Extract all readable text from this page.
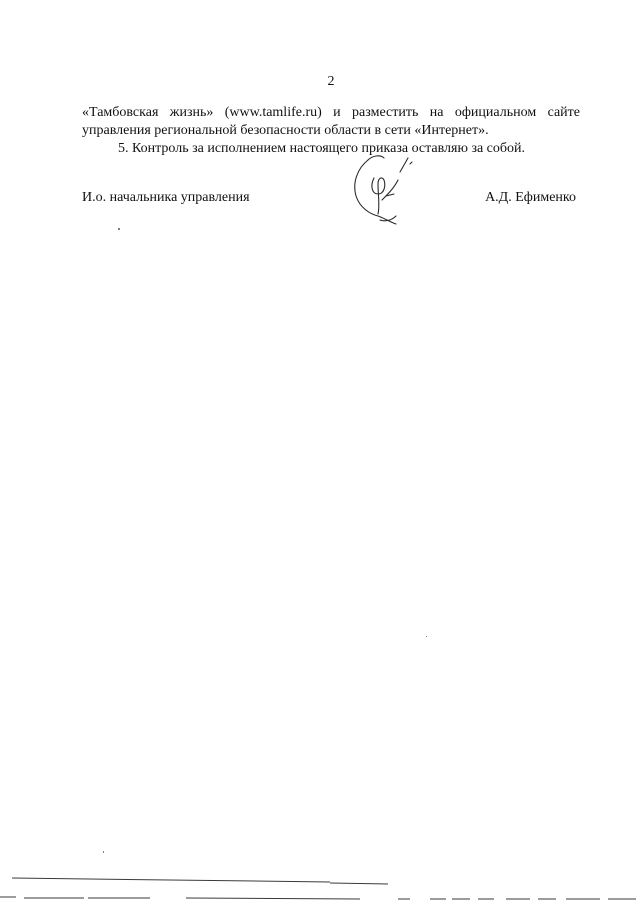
2

«Тамбовская жизнь» (www.tamlife.ru) и разместить на официальном сайте
управления региональной безопасности области в сети «Интернет».

5. Контроль за исполнением настоящего приказа оставляю за собой.

И.о. начальника управления	А.Д. Ефименко
